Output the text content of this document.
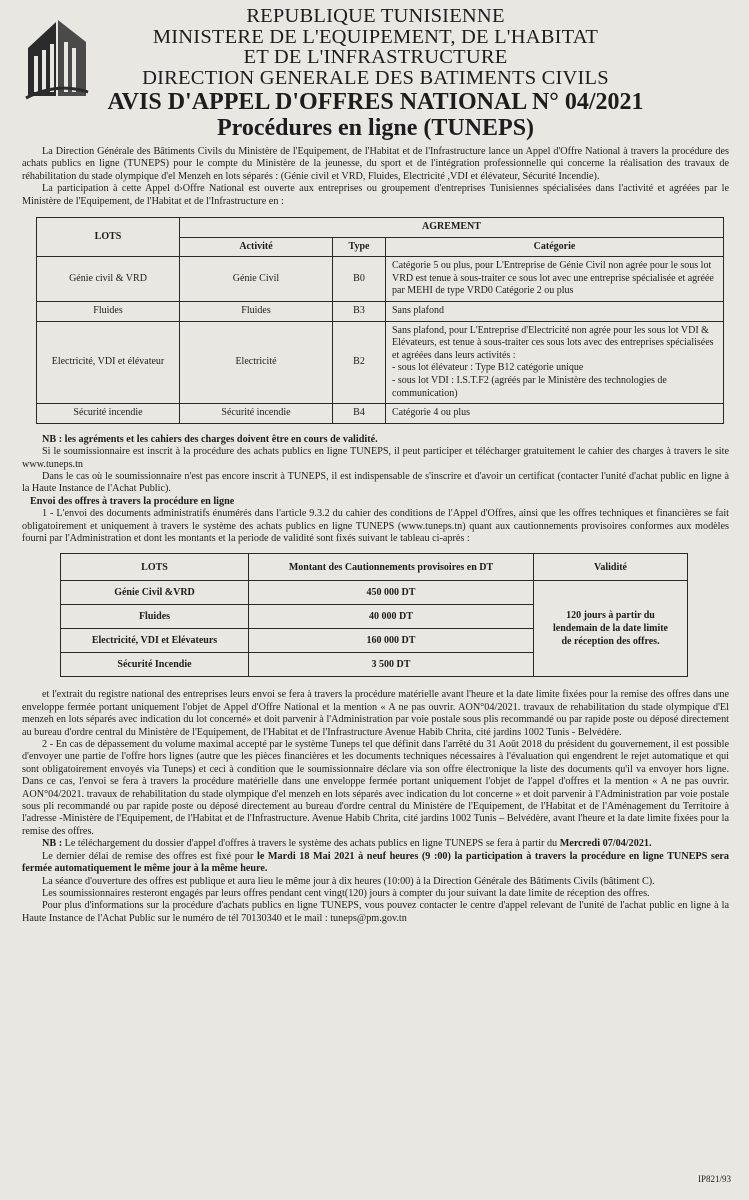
REPUBLIQUE TUNISIENNE
MINISTERE DE L'EQUIPEMENT, DE L'HABITAT
ET DE L'INFRASTRUCTURE
DIRECTION GENERALE DES BATIMENTS CIVILS
AVIS D'APPEL D'OFFRES NATIONAL N° 04/2021
Procédures en ligne (TUNEPS)

La Direction Générale des Bâtiments Civils du Ministère de l'Equipement, de l'Habitat et de l'Infrastructure lance un Appel d'Offre National à travers la procédure des achats publics en ligne (TUNEPS) pour le compte du Ministère de la jeunesse, du sport et de l'intégration professionnelle qui concerne la réalisation des travaux de réhabilitation du stade olympique d'el Menzeh en lots séparés : (Génie civil et VRD, Fluides, Electricité ,VDI et élévateur, Sécurité Incendie).

La participation à cette Appel d›Offre National est ouverte aux entreprises ou groupement d'entreprises Tunisiennes spécialisées dans l'activité et agréées par le Ministère de l'Equipement, de l'Habitat et de l'Infrastructure en :

LOTS	AGREMENT		
	Activité	Type	Catégorie
Génie civil & VRD	Génie Civil	B0	Catégorie 5 ou plus, pour L'Entreprise de Génie Civil non agrée pour le sous lot VRD est tenue à sous-traiter ce sous lot avec une entreprise spécialisée et agréée par MEHI de type VRD0 Catégorie 2 ou plus
Fluides	Fluides	B3	Sans plafond
Electricité, VDI et élévateur	Electricité	B2	Sans plafond, pour L'Entreprise d'Electricité non agrée pour les sous lot VDI & Elévateurs, est tenue à sous-traiter ces sous lots avec des entreprises spécialisées et agréées dans leurs activités :
- sous lot élévateur : Type B12 catégorie unique
- sous lot VDI : I.S.T.F2 (agréés par le Ministère des technologies de communication)

Sécurité incendie	Sécurité incendie	B4	Catégorie 4 ou plus

NB : les agréments et les cahiers des charges doivent être en cours de validité.

Si le soumissionnaire est inscrit à la procédure des achats publics en ligne TUNEPS, il peut participer et télécharger gratuitement le cahier des charges à travers le site www.tuneps.tn

Dans le cas où le soumissionnaire n'est pas encore inscrit à TUNEPS, il est indispensable de s'inscrire et d'avoir un certificat (contacter l'unité d'achat public en ligne à la Haute Instance de l'Achat Public).

Envoi des offres à travers la procédure en ligne

1 - L'envoi des documents administratifs énumérés dans l'article 9.3.2 du cahier des conditions de l'Appel d'Offres, ainsi que les offres techniques et financières se fait obligatoirement et uniquement à travers le système des achats publics en ligne TUNEPS (www.tuneps.tn) quant aux cautionnements provisoires conformes aux modèles fourni par l'Administration et dont les montants et la periode de validité sont fixés suivant le tableau ci-après :

LOTS	Montant des Cautionnements provisoires en DT	Validité
Génie Civil &VRD	450 000 DT	120 jours à partir du lendemain de la date limite de réception des offres.
Fluides	40 000 DT	
Electricité, VDI et Elévateurs	160 000 DT	
Sécurité Incendie	3 500 DT	

et l'extrait du registre national des entreprises leurs envoi se fera à travers la procédure matérielle avant l'heure et la date limite fixées pour la remise des offres dans une enveloppe fermée portant uniquement l'objet de Appel d'Offre National et la mention « A ne pas ouvrir. AON°04/2021. travaux de rehabilitation du stade olympique d'El menzeh en lots séparés avec indication du lot concerné» et doit parvenir à l'Administration par voie postale sous plis recommandé ou par rapide poste ou déposé directement au bureau d'ordre central du Ministère de l'Equipement, de l'Habitat et de l'Infrastructure Avenue Habib Chrita, cité jardins 1002 Tunis - Belvédère.

2 - En cas de dépassement du volume maximal accepté par le système Tuneps tel que définit dans l'arrêté du 31 Août 2018 du président du gouvernement, il est possible d'envoyer une partie de l'offre hors lignes (autre que les pièces financières et les documents techniques nécessaires à l'évaluation qui engendrent le rejet automatique et qui sont obligatoirement envoyés via Tuneps) et ceci à condition que le soumissionnaire déclare via son offre électronique la liste des documents qu'il va envoyer hors ligne. Dans ce cas, l'envoi se fera à travers la procédure matérielle dans une enveloppe fermée portant uniquement l'objet de l'appel d'offres et la mention « A ne pas ouvrir. AON°04/2021. travaux de rehabilitation du stade olympique d'el menzeh en lots séparés avec indication du lot concerne » et doit parvenir à l'Administration par voie postale sous pli recommandé ou par rapide poste ou déposé directement au bureau d'ordre central du Ministère de l'Equipement, de l'Habitat et de l'Aménagement du Territoire à l'adresse -Ministère de l'Equipement, de l'Habitat et de l'Infrastructure. Avenue Habib Chrita, cité jardins 1002 Tunis – Belvédère, avant l'heure et la date limite fixées pour la remise des offres.

NB : Le téléchargement du dossier d'appel d'offres à travers le système des achats publics en ligne TUNEPS se fera à partir du Mercredi 07/04/2021.

Le dernier délai de remise des offres est fixé pour le Mardi 18 Mai 2021 à neuf heures (9 :00) la participation à travers la procédure en ligne TUNEPS sera fermée automatiquement le même jour à la même heure.

La séance d'ouverture des offres est publique et aura lieu le même jour à dix heures (10:00) à la Direction Générale des Bâtiments Civils (bâtiment C).

Les soumissionnaires resteront engagés par leurs offres pendant cent vingt(120) jours à compter du jour suivant la date limite de réception des offres.

Pour plus d'informations sur la procédure d'achats publics en ligne TUNEPS, vous pouvez contacter le centre d'appel relevant de l'unité de l'achat public en ligne à la Haute Instance de l'Achat Public sur le numéro de tél 70130340 et le mail : tuneps@pm.gov.tn

IP821/93
